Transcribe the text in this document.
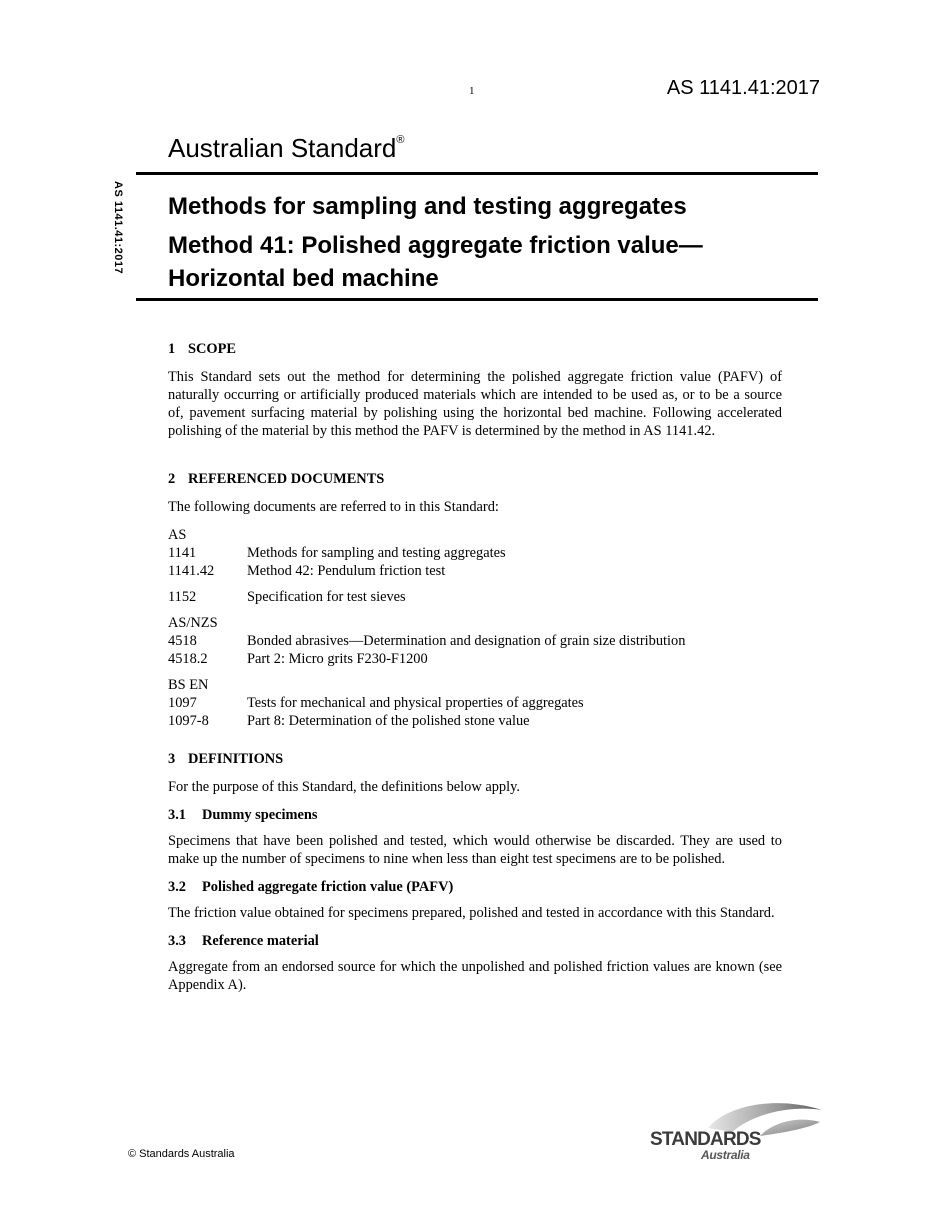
1	AS 1141.41:2017
AS 1141.41:2017
Australian Standard®
Methods for sampling and testing aggregates
Method 41: Polished aggregate friction value—
Horizontal bed machine
1 SCOPE

This Standard sets out the method for determining the polished aggregate friction value (PAFV) of naturally occurring or artificially produced materials which are intended to be used as, or to be a source of, pavement surfacing material by polishing using the horizontal bed machine. Following accelerated polishing of the material by this method the PAFV is determined by the method in AS 1141.42.

2 REFERENCED DOCUMENTS

The following documents are referred to in this Standard:

AS
1141	Methods for sampling and testing aggregates
1141.42	Method 42: Pendulum friction test
1152	Specification for test sieves
AS/NZS
4518	Bonded abrasives—Determination and designation of grain size distribution
4518.2	Part 2: Micro grits F230-F1200
BS EN
1097	Tests for mechanical and physical properties of aggregates
1097-8	Part 8: Determination of the polished stone value
3 DEFINITIONS

For the purpose of this Standard, the definitions below apply.

3.1 Dummy specimens

Specimens that have been polished and tested, which would otherwise be discarded. They are used to make up the number of specimens to nine when less than eight test specimens are to be polished.

3.2 Polished aggregate friction value (PAFV)

The friction value obtained for specimens prepared, polished and tested in accordance with this Standard.

3.3 Reference material

Aggregate from an endorsed source for which the unpolished and polished friction values are known (see Appendix A).

© Standards Australia
STANDARDS
Australia
